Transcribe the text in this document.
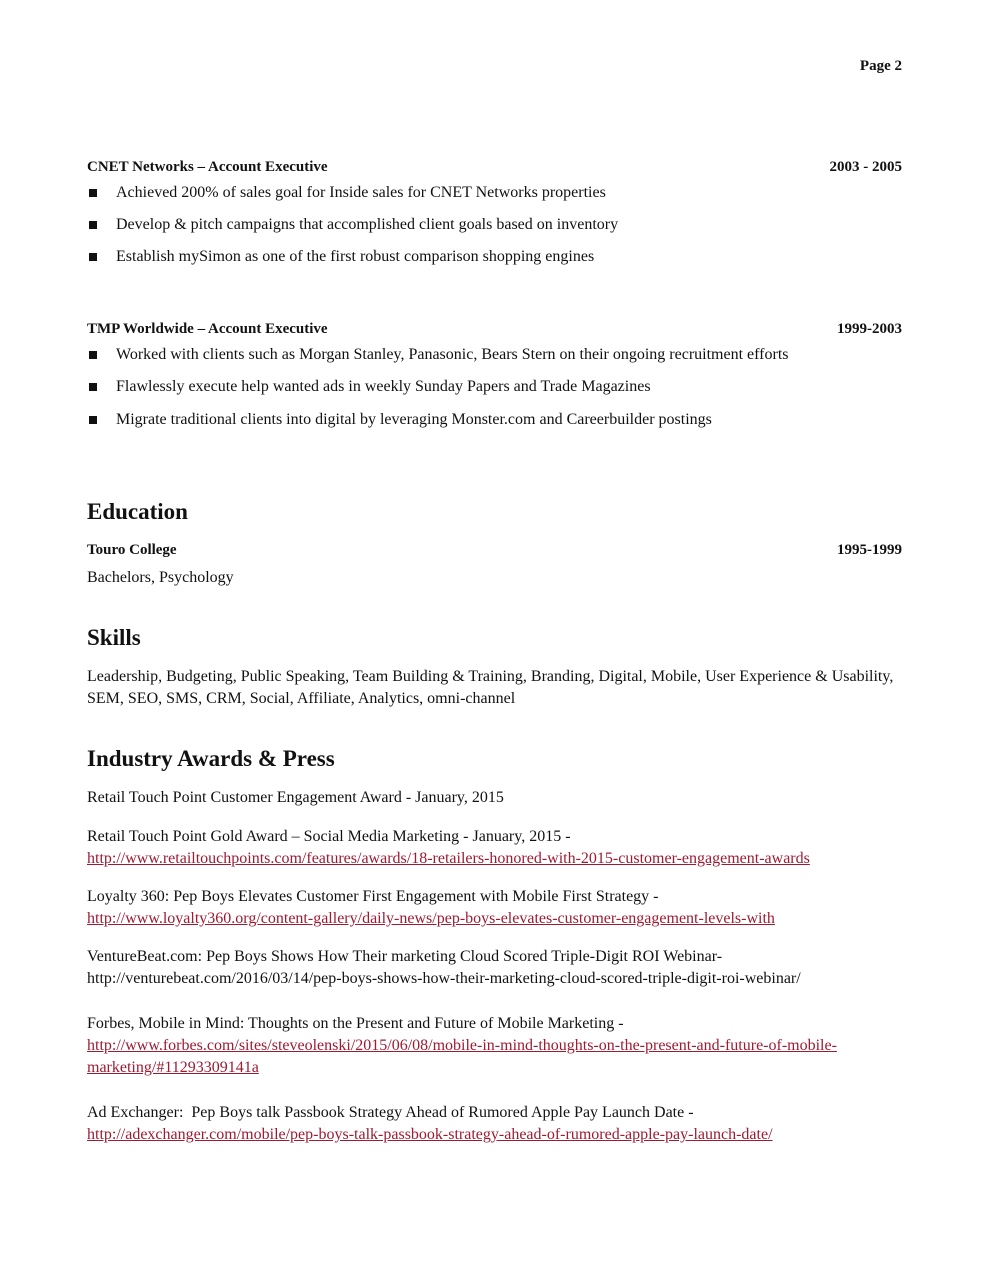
Page 2
CNET Networks – Account Executive	2003 - 2005
Achieved 200% of sales goal for Inside sales for CNET Networks properties
Develop & pitch campaigns that accomplished client goals based on inventory
Establish mySimon as one of the first robust comparison shopping engines
TMP Worldwide – Account Executive	1999-2003
Worked with clients such as Morgan Stanley, Panasonic, Bears Stern on their ongoing recruitment efforts
Flawlessly execute help wanted ads in weekly Sunday Papers and Trade Magazines
Migrate traditional clients into digital by leveraging Monster.com and Careerbuilder postings
Education
Touro College	1995-1999

Bachelors, Psychology

Skills

Leadership, Budgeting, Public Speaking, Team Building & Training, Branding, Digital, Mobile, User Experience & Usability, SEM, SEO, SMS, CRM, Social, Affiliate, Analytics, omni-channel

Industry Awards & Press

Retail Touch Point Customer Engagement Award - January, 2015

Retail Touch Point Gold Award – Social Media Marketing - January, 2015 -

http://www.retailtouchpoints.com/features/awards/18-retailers-honored-with-2015-customer-engagement-awards

Loyalty 360: Pep Boys Elevates Customer First Engagement with Mobile First Strategy -

http://www.loyalty360.org/content-gallery/daily-news/pep-boys-elevates-customer-engagement-levels-with

VentureBeat.com: Pep Boys Shows How Their marketing Cloud Scored Triple-Digit ROI Webinar-

http://venturebeat.com/2016/03/14/pep-boys-shows-how-their-marketing-cloud-scored-triple-digit-roi-webinar/

Forbes, Mobile in Mind: Thoughts on the Present and Future of Mobile Marketing -

http://www.forbes.com/sites/steveolenski/2015/06/08/mobile-in-mind-thoughts-on-the-present-and-future-of-mobile-marketing/#11293309141a

Ad Exchanger:  Pep Boys talk Passbook Strategy Ahead of Rumored Apple Pay Launch Date -

http://adexchanger.com/mobile/pep-boys-talk-passbook-strategy-ahead-of-rumored-apple-pay-launch-date/
